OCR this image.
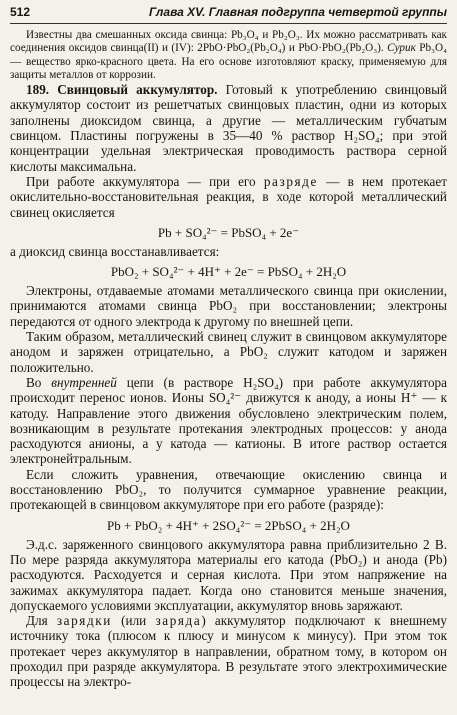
512	Глава XV. Главная подгруппа четвертой группы

Известны два смешанных оксида свинца: Pb₃O₄ и Pb₂O₃. Их можно рассматривать как соединения оксидов свинца(II) и (IV): 2PbO·PbO₂(Pb₂O₄) и PbO·PbO₂(Pb₂O₃). Сурик Pb₃O₄ — вещество ярко-красного цвета. На его основе изготовляют краску, применяемую для защиты металлов от коррозии.

189. Свинцовый аккумулятор. Готовый к употреблению свинцовый аккумулятор состоит из решетчатых свинцовых пластин, одни из которых заполнены диоксидом свинца, а другие — металлическим губчатым свинцом. Пластины погружены в 35—40 % раствор H₂SO₄; при этой концентрации удельная электрическая проводимость раствора серной кислоты максимальна.

При работе аккумулятора — при его разряде — в нем протекает окислительно-восстановительная реакция, в ходе которой металлический свинец окисляется

Pb + SO₄²⁻ = PbSO₄ + 2e⁻

а диоксид свинца восстанавливается:

PbO₂ + SO₄²⁻ + 4H⁺ + 2e⁻ = PbSO₄ + 2H₂O

Электроны, отдаваемые атомами металлического свинца при окислении, принимаются атомами свинца PbO₂ при восстановлении; электроны передаются от одного электрода к другому по внешней цепи.

Таким образом, металлический свинец служит в свинцовом аккумуляторе анодом и заряжен отрицательно, а PbO₂ служит катодом и заряжен положительно.

Во внутренней цепи (в растворе H₂SO₄) при работе аккумулятора происходит перенос ионов. Ионы SO₄²⁻ движутся к аноду, а ионы H⁺ — к катоду. Направление этого движения обусловлено электрическим полем, возникающим в результате протекания электродных процессов: у анода расходуются анионы, а у катода — катионы. В итоге раствор остается электронейтральным.

Если сложить уравнения, отвечающие окислению свинца и восстановлению PbO₂, то получится суммарное уравнение реакции, протекающей в свинцовом аккумуляторе при его работе (разряде):

Pb + PbO₂ + 4H⁺ + 2SO₄²⁻ = 2PbSO₄ + 2H₂O

Э.д.с. заряженного свинцового аккумулятора равна приблизительно 2 В. По мере разряда аккумулятора материалы его катода (PbO₂) и анода (Pb) расходуются. Расходуется и серная кислота. При этом напряжение на зажимах аккумулятора падает. Когда оно становится меньше значения, допускаемого условиями эксплуатации, аккумулятор вновь заряжают.

Для зарядки (или заряда) аккумулятор подключают к внешнему источнику тока (плюсом к плюсу и минусом к минусу). При этом ток протекает через аккумулятор в направлении, обратном тому, в котором он проходил при разряде аккумулятора. В результате этого электрохимические процессы на электро-
